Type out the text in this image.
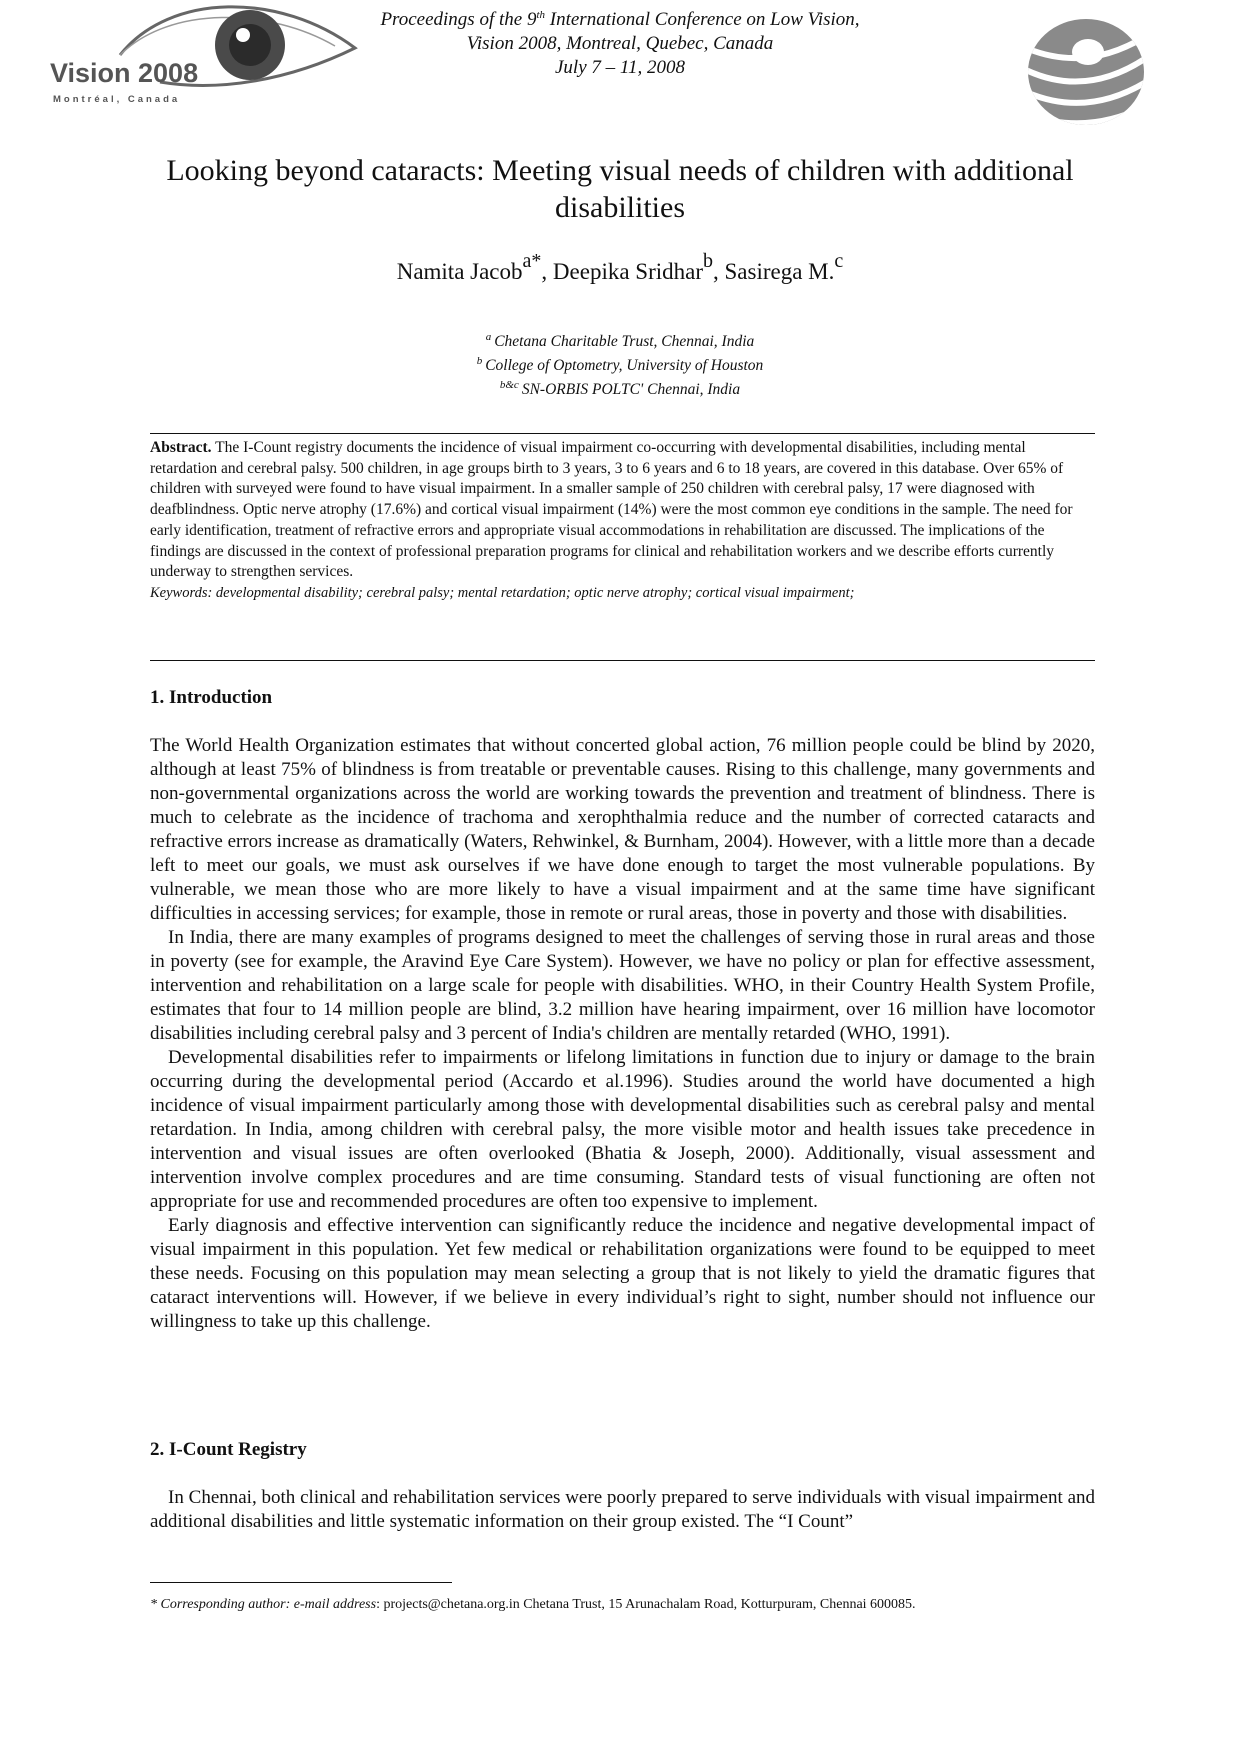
Vision 2008
Montréal, Canada

Proceedings of the 9th International Conference on Low Vision,

Vision 2008, Montreal, Quebec, Canada

July 7 – 11, 2008

Looking beyond cataracts: Meeting visual needs of children with additional disabilities
Namita Jacob$^{a*}$, Deepika Sridhar$^b$, Sasiregа M.$^c$

$^a$ Chetana Charitable Trust, Chennai, India

$^b$ College of Optometry, University of Houston

$^{b\&c}$ SN-ORBIS POLTC' Chennai, India

Abstract. The I-Count registry documents the incidence of visual impairment co-occurring with developmental disabilities, including mental retardation and cerebral palsy. 500 children, in age groups birth to 3 years, 3 to 6 years and 6 to 18 years, are covered in this database. Over 65% of children with surveyed were found to have visual impairment. In a smaller sample of 250 children with cerebral palsy, 17 were diagnosed with deafblindness. Optic nerve atrophy (17.6%) and cortical visual impairment (14%) were the most common eye conditions in the sample. The need for early identification, treatment of refractive errors and appropriate visual accommodations in rehabilitation are discussed. The implications of the findings are discussed in the context of professional preparation programs for clinical and rehabilitation workers and we describe efforts currently underway to strengthen services.

Keywords: developmental disability; cerebral palsy; mental retardation; optic nerve atrophy; cortical visual impairment;

1. Introduction

The World Health Organization estimates that without concerted global action, 76 million people could be blind by 2020, although at least 75% of blindness is from treatable or preventable causes. Rising to this challenge, many governments and non-governmental organizations across the world are working towards the prevention and treatment of blindness. There is much to celebrate as the incidence of trachoma and xerophthalmia reduce and the number of corrected cataracts and refractive errors increase as dramatically (Waters, Rehwinkel, & Burnham, 2004). However, with a little more than a decade left to meet our goals, we must ask ourselves if we have done enough to target the most vulnerable populations. By vulnerable, we mean those who are more likely to have a visual impairment and at the same time have significant difficulties in accessing services; for example, those in remote or rural areas, those in poverty and those with disabilities.

In India, there are many examples of programs designed to meet the challenges of serving those in rural areas and those in poverty (see for example, the Aravind Eye Care System). However, we have no policy or plan for effective assessment, intervention and rehabilitation on a large scale for people with disabilities. WHO, in their Country Health System Profile, estimates that four to 14 million people are blind, 3.2 million have hearing impairment, over 16 million have locomotor disabilities including cerebral palsy and 3 percent of India's children are mentally retarded (WHO, 1991).

Developmental disabilities refer to impairments or lifelong limitations in function due to injury or damage to the brain occurring during the developmental period (Accardo et al.1996). Studies around the world have documented a high incidence of visual impairment particularly among those with developmental disabilities such as cerebral palsy and mental retardation. In India, among children with cerebral palsy, the more visible motor and health issues take precedence in intervention and visual issues are often overlooked (Bhatia & Joseph, 2000). Additionally, visual assessment and intervention involve complex procedures and are time consuming. Standard tests of visual functioning are often not appropriate for use and recommended procedures are often too expensive to implement.

Early diagnosis and effective intervention can significantly reduce the incidence and negative developmental impact of visual impairment in this population. Yet few medical or rehabilitation organizations were found to be equipped to meet these needs. Focusing on this population may mean selecting a group that is not likely to yield the dramatic figures that cataract interventions will. However, if we believe in every individual’s right to sight, number should not influence our willingness to take up this challenge.

2. I-Count Registry

In Chennai, both clinical and rehabilitation services were poorly prepared to serve individuals with visual impairment and additional disabilities and little systematic information on their group existed. The “I Count”

* Corresponding author: e-mail address: projects@chetana.org.in Chetana Trust, 15 Arunachalam Road, Kotturpuram, Chennai 600085.
